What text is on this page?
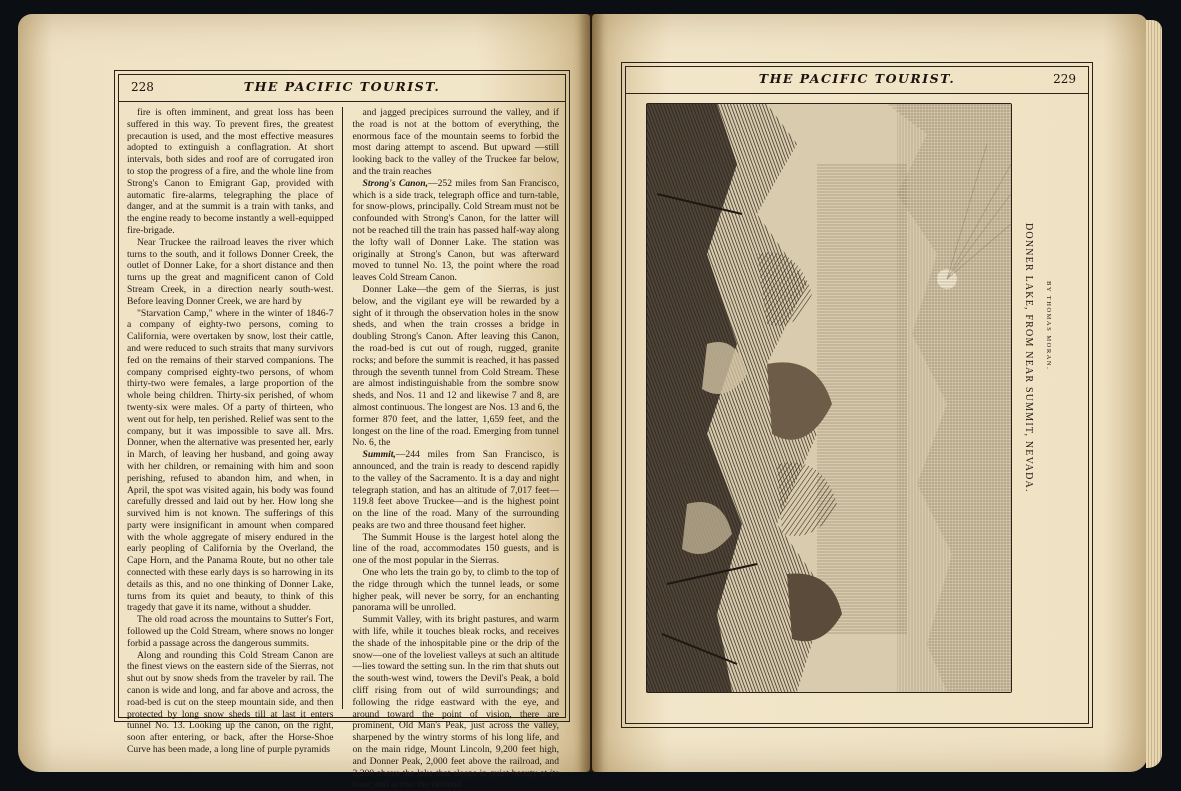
228	THE PACIFIC TOURIST.

fire is often imminent, and great loss has been suffered in this way. To prevent fires, the greatest precaution is used, and the most effective measures adopted to extinguish a conflagration. At short intervals, both sides and roof are of corrugated iron to stop the progress of a fire, and the whole line from Strong's Canon to Emigrant Gap, provided with automatic fire-alarms, telegraphing the place of danger, and at the summit is a train with tanks, and the engine ready to become instantly a well-equipped fire-brigade.

Near Truckee the railroad leaves the river which turns to the south, and it follows Donner Creek, the outlet of Donner Lake, for a short distance and then turns up the great and magnificent canon of Cold Stream Creek, in a direction nearly south-west. Before leaving Donner Creek, we are hard by

"Starvation Camp," where in the winter of 1846-7 a company of eighty-two persons, coming to California, were overtaken by snow, lost their cattle, and were reduced to such straits that many survivors fed on the remains of their starved companions. The company comprised eighty-two persons, of whom thirty-two were females, a large proportion of the whole being children. Thirty-six perished, of whom twenty-six were males. Of a party of thirteen, who went out for help, ten perished. Relief was sent to the company, but it was impossible to save all. Mrs. Donner, when the alternative was presented her, early in March, of leaving her husband, and going away with her children, or remaining with him and soon perishing, refused to abandon him, and when, in April, the spot was visited again, his body was found carefully dressed and laid out by her. How long she survived him is not known. The sufferings of this party were insignificant in amount when compared with the whole aggregate of misery endured in the early peopling of California by the Overland, the Cape Horn, and the Panama Route, but no other tale connected with these early days is so harrowing in its details as this, and no one thinking of Donner Lake, turns from its quiet and beauty, to think of this tragedy that gave it its name, without a shudder.

The old road across the mountains to Sutter's Fort, followed up the Cold Stream, where snows no longer forbid a passage across the dangerous summits.

Along and rounding this Cold Stream Canon are the finest views on the eastern side of the Sierras, not shut out by snow sheds from the traveler by rail. The canon is wide and long, and far above and across, the road-bed is cut on the steep mountain side, and then protected by long snow sheds till at last it enters tunnel No. 13. Looking up the canon, on the right, soon after entering, or back, after the Horse-Shoe Curve has been made, a long line of purple pyramids

and jagged precipices surround the valley, and if the road is not at the bottom of everything, the enormous face of the mountain seems to forbid the most daring attempt to ascend. But upward —still looking back to the valley of the Truckee far below, and the train reaches

Strong's Canon,—252 miles from San Francisco, which is a side track, telegraph office and turn-table, for snow-plows, principally. Cold Stream must not be confounded with Strong's Canon, for the latter will not be reached till the train has passed half-way along the lofty wall of Donner Lake. The station was originally at Strong's Canon, but was afterward moved to tunnel No. 13, the point where the road leaves Cold Stream Canon.

Donner Lake—the gem of the Sierras, is just below, and the vigilant eye will be rewarded by a sight of it through the observation holes in the snow sheds, and when the train crosses a bridge in doubling Strong's Canon. After leaving this Canon, the road-bed is cut out of rough, rugged, granite rocks; and before the summit is reached, it has passed through the seventh tunnel from Cold Stream. These are almost indistinguishable from the sombre snow sheds, and Nos. 11 and 12 and likewise 7 and 8, are almost continuous. The longest are Nos. 13 and 6, the former 870 feet, and the latter, 1,659 feet, and the longest on the line of the road. Emerging from tunnel No. 6, the

Summit,—244 miles from San Francisco, is announced, and the train is ready to descend rapidly to the valley of the Sacramento. It is a day and night telegraph station, and has an altitude of 7,017 feet—119.8 feet above Truckee—and is the highest point on the line of the road. Many of the surrounding peaks are two and three thousand feet higher.

The Summit House is the largest hotel along the line of the road, accommodates 150 guests, and is one of the most popular in the Sierras.

One who lets the train go by, to climb to the top of the ridge through which the tunnel leads, or some higher peak, will never be sorry, for an enchanting panorama will be unrolled.

Summit Valley, with its bright pastures, and warm with life, while it touches bleak rocks, and receives the shade of the inhospitable pine or the drip of the snow—one of the loveliest valleys at such an altitude—lies toward the setting sun. In the rim that shuts out the south-west wind, towers the Devil's Peak, a bold cliff rising from out of wild surroundings; and following the ridge eastward with the eye, and around toward the point of vision, there are prominent, Old Man's Peak, just across the valley, sharpened by the wintry storms of his long life, and on the main ridge, Mount Lincoln, 9,200 feet high, and Donner Peak, 2,000 feet above the railroad, and 3,200 above the lake that sleeps in quiet beauty at its base; and across the railroad

THE PACIFIC TOURIST.	229
DONNER LAKE, FROM NEAR SUMMIT, NEVADA. BY THOMAS MORAN.
